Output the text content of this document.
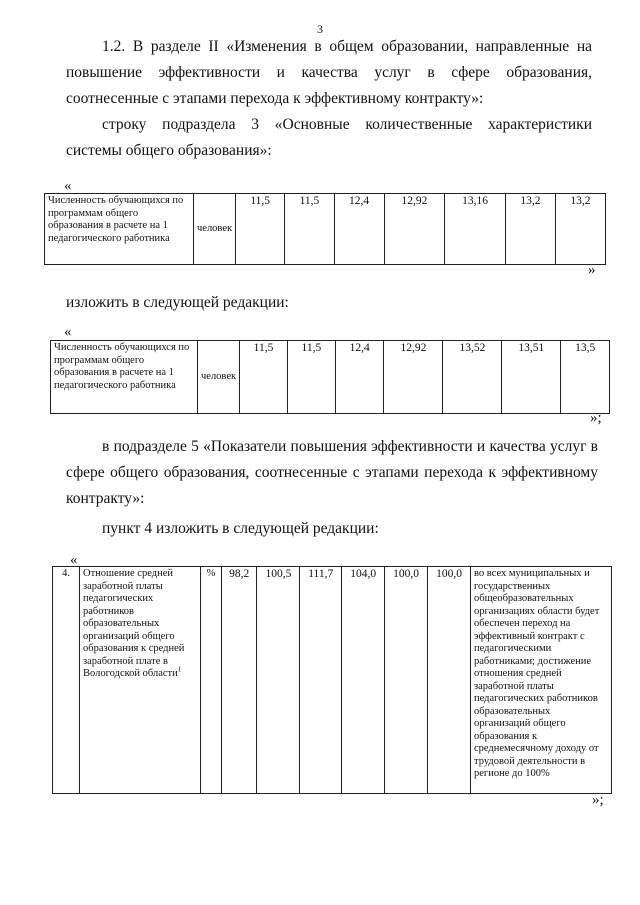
3
1.2. В разделе II «Изменения в общем образовании, направленные на повышение эффективности и качества услуг в сфере образования, соотнесенные с этапами перехода к эффективному контракту»:
строку подраздела 3 «Основные количественные характеристики системы общего образования»:
«
Численность обучающихся по программам общего образования в расчете на 1 педагогического работника	человек	11,5	11,5	12,4	12,92	13,16	13,2	13,2
»
изложить в следующей редакции:
«
Численность обучающихся по программам общего образования в расчете на 1 педагогического работника	человек	11,5	11,5	12,4	12,92	13,52	13,51	13,5
»;
в подразделе 5 «Показатели повышения эффективности и качества услуг в сфере общего образования, соотнесенные с этапами перехода к эффективному контракту»:
пункт 4 изложить в следующей редакции:
«
4.	Отношение средней заработной платы педагогических работников образовательных организаций общего образования к средней заработной плате в Вологодской области$^1$	%	98,2	100,5	111,7	104,0	100,0	100,0	во всех муниципальных и государственных общеобразовательных организациях области будет обеспечен переход на эффективный контракт с педагогическими работниками; достижение отношения средней заработной платы педагогических работников образовательных организаций общего образования к среднемесячному доходу от трудовой деятельности в регионе до 100%
»;
